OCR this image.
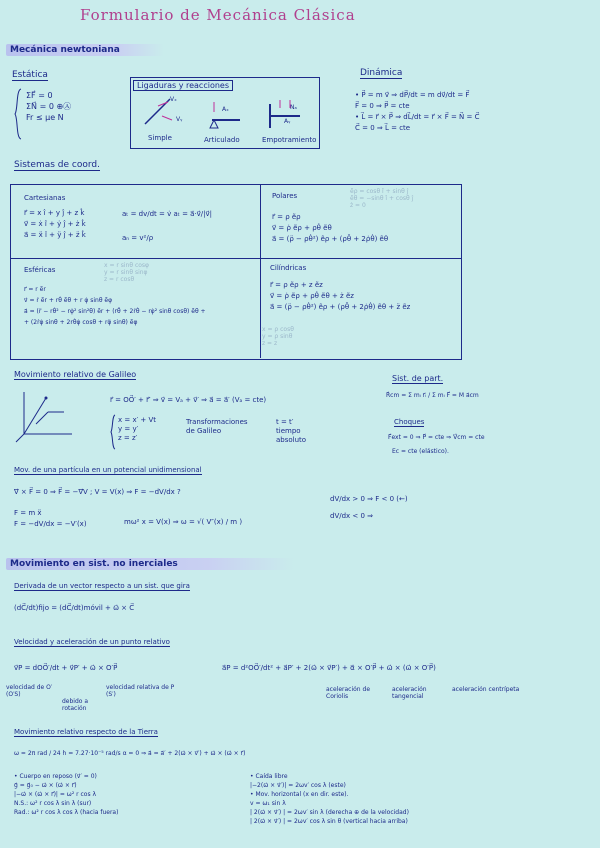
Formulario de Mecánica Clásica
Mecánica newtoniana
Estática
ΣF⃗ = 0
ΣN⃗ = 0 ⊕Ⓐ
Fr ≤ μe N
Ligaduras y reacciones
Vₓ
Vᵧ
Aₓ
Aᵧ
Nₐ
Simple	Articulado	Empotramiento
Dinámica
• P⃗ = m v⃗ ⇒ dP⃗/dt = m dv⃗/dt = F⃗
F⃗ = 0 ⇒ P⃗ = cte
• L⃗ = r⃗ × P⃗ ⇒ dL⃗/dt = r⃗ × F⃗ = N⃗ = C⃗
C⃗ = 0 ⇒ L⃗ = cte
Sistemas de coord.
Cartesianas
r⃗ = x î + y ĵ + z k̂
v⃗ = ẋ î + ẏ ĵ + ż k̂
a⃗ = ẍ î + ÿ ĵ + z̈ k̂
aₜ = dv/dt = v̇ aₜ = a⃗·v⃗/|v⃗|
aₙ = v²/ρ
Polares
ẽρ = cosθ î + sinθ ĵ
ẽθ = −sinθ î + cosθ ĵ
ż = 0
r⃗ = ρ ẽρ
v⃗ = ρ̇ ẽρ + ρθ̇ ẽθ
a⃗ = (ρ̈ − ρθ̇²) ẽρ + (ρθ̈ + 2ρ̇θ̇) ẽθ
Esféricas
x = r sinθ cosφ
y = r sinθ sinφ
z = r cosθ
r⃗ = r ẽr
v⃗ = ṙ ẽr + rθ̇ ẽθ + r φ̇ sinθ ẽφ
a⃗ = (r̈ − rθ̇² − rφ̇² sin²θ) ẽr + (rθ̈ + 2ṙθ̇ − rφ̇² sinθ cosθ) ẽθ +
+ (2ṙφ̇ sinθ + 2rθ̇φ̇ cosθ + rφ̈ sinθ) ẽφ
Cilíndricas
r⃗ = ρ ẽρ + z ẽz
v⃗ = ρ̇ ẽρ + ρθ̇ ẽθ + ż ẽz
a⃗ = (ρ̈ − ρθ̇²) ẽρ + (ρθ̈ + 2ρ̇θ̇) ẽθ + z̈ ẽz
x = ρ cosθ
y = ρ sinθ
z = z
Movimiento relativo de Galileo
r⃗ = OO⃗′ + r⃗′ ⇒ v⃗ = Vₐ + v⃗′ ⇒ a⃗ = a⃗′ (Vₐ = cte)
x = x′ + Vt
y = y′
z = z′
Transformaciones
de Galileo
t = t′
tiempo
absoluto
Sist. de part.
R⃗cm = Σ mᵢ r⃗ᵢ / Σ mᵢ F⃗ = M a⃗cm
Choques
F⃗ext = 0 ⇒ P⃗ = cte ⇒ V⃗cm = cte
Ec = cte (elástico).
Mov. de una partícula en un potencial unidimensional
∇⃗ × F⃗ = 0 ⇒ F⃗ = −∇⃗V ; V = V(x) ⇒ F = −dV/dx ?
F = m ẍ
F = −dV/dx = −V′(x)	mω² x = V(x) ⇒ ω = √( V″(x) / m )
dV/dx > 0 ⇒ F < 0 (←)
dV/dx < 0 ⇒
Movimiento en sist. no inerciales
Derivada de un vector respecto a un sist. que gira
(dC⃗/dt)fijo = (dC⃗/dt)móvil + ω⃗ × C⃗
Velocidad y aceleración de un punto relativo
v⃗P = dOO⃗′/dt + v⃗P′ + ω⃗ × O′P⃗
velocidad de O′ (O′S)
velocidad relativa de P (S′)
debido a rotación
a⃗P = d²OO⃗′/dt² + a⃗P′ + 2(ω⃗ × v⃗P′) + α⃗ × O′P⃗ + ω⃗ × (ω⃗ × O′P⃗)
aceleración de Coriolis
aceleración tangencial
aceleración centrípeta
Movimiento relativo respecto de la Tierra
ω = 2π rad / 24 h = 7.27·10⁻⁵ rad/s α = 0 ⇒ a⃗ = a⃗′ + 2(ω⃗ × v⃗′) + ω⃗ × (ω⃗ × r⃗)
• Cuerpo en reposo (v⃗′ = 0)
g⃗ = g⃗₀ − ω⃗ × (ω⃗ × r⃗)
|−ω⃗ × (ω⃗ × r⃗)| = ω² r cos λ
N.S.: ω² r cos λ sin λ (sur)
Rad.: ω² r cos λ cos λ (hacia fuera)
• Caída libre
|−2(ω⃗ × v⃗′)| = 2ωv′ cos λ (este)
• Mov. horizontal (x en dir. este).
v = ω₁ sin λ
| 2(ω⃗ × v⃗′) | = 2ωv′ sin λ (derecha ⊕ de la velocidad)
| 2(ω⃗ × v⃗′) | = 2ωv′ cos λ sin θ (vertical hacia arriba)
